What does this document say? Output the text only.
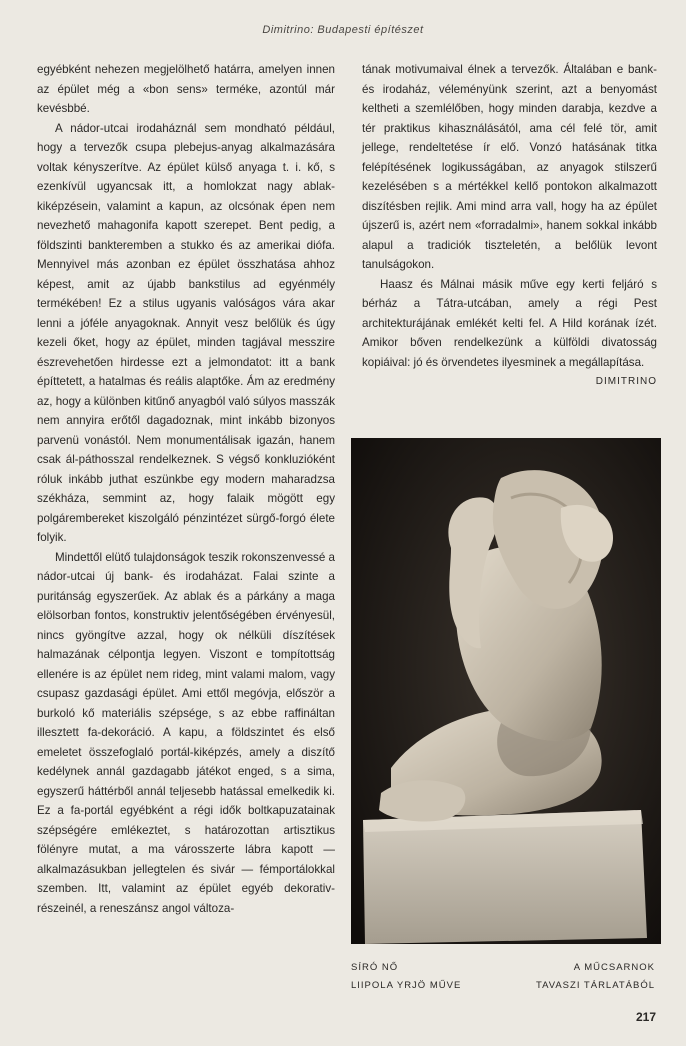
Dimitrino: Budapesti építészet

egyébként nehezen megjelölhető határra, amelyen innen az épület még a «bon sens» terméke, azontúl már kevésbbé.

A nádor-utcai irodaháznál sem mondható például, hogy a tervezők csupa plebejus-anyag alkalmazására voltak kényszerítve. Az épület külső anyaga t. i. kő, s ezenkívül ugyancsak itt, a homlokzat nagy ablak-kiképzésein, valamint a kapun, az olcsónak épen nem nevezhető mahagonifa kapott szerepet. Bent pedig, a földszinti bankteremben a stukko és az amerikai diófa. Mennyivel más azonban ez épület összhatása ahhoz képest, amit az újabb bankstilus ad egyénmély termékében! Ez a stilus ugyanis valóságos vára akar lenni a jóféle anyagoknak. Annyit vesz belőlük és úgy kezeli őket, hogy az épület, minden tagjával messzire észrevehetően hirdesse ezt a jelmondatot: itt a bank építtetett, a hatalmas és reális alaptőke. Ám az eredmény az, hogy a különben kitűnő anyagból való súlyos masszák nem annyira erőtől dagadoznak, mint inkább bizonyos parvenü vonástól. Nem monumentálisak igazán, hanem csak ál-páthosszal rendelkeznek. S végső konkluzióként róluk inkább juthat eszünkbe egy modern maharadzsa székháza, semmint az, hogy falaik mögött egy polgárembereket kiszolgáló pénzintézet sürgő-forgó élete folyik.

Mindettől elütő tulajdonságok teszik rokonszenvessé a nádor-utcai új bank- és irodaházat. Falai szinte a puritánság egyszerűek. Az ablak és a párkány a maga elölsorban fontos, konstruktiv jelentőségében érvényesül, nincs gyöngítve azzal, hogy ok nélküli díszítések halmazának célpontja legyen. Viszont e tompítottság ellenére is az épület nem rideg, mint valami malom, vagy csupasz gazdasági épület. Ami ettől megóvja, először a burkoló kő materiális szépsége, s az ebbe raffináltan illesztett fa-dekoráció. A kapu, a földszintet és első emeletet összefoglaló portál-kiképzés, amely a diszítő kedélynek annál gazdagabb játékot enged, s a sima, egyszerű háttérből annál teljesebb hatással emelkedik ki. Ez a fa-portál egyébként a régi idők boltkapuzatainak szépségére emlékeztet, s határozottan artisztikus fölényre mutat, a ma városszerte lábra kapott — alkalmazásukban jellegtelen és sivár — fémportálokkal szemben. Itt, valamint az épület egyéb dekorativ-részeinél, a reneszánsz angol változa-

tának motivumaival élnek a tervezők. Általában e bank- és irodaház, véleményünk szerint, azt a benyomást keltheti a szemlélőben, hogy minden darabja, kezdve a tér praktikus kihasználásától, ama cél felé tör, amit jellege, rendeltetése ír elő. Vonzó hatásának titka felépítésének logikusságában, az anyagok stilszerű kezelésében s a mértékkel kellő pontokon alkalmazott diszítésben rejlik. Ami mind arra vall, hogy ha az épület újszerű is, azért nem «forradalmi», hanem sokkal inkább alapul a tradiciók tiszteletén, a belőlük levont tanulságokon.

Haasz és Málnai másik műve egy kerti feljáró s bérház a Tátra-utcában, amely a régi Pest architekturájának emlékét kelti fel. A Hild korának ízét. Amikor bőven rendelkezünk a külföldi divatosság kopiáival: jó és örvendetes ilyesminek a megállapítása.

DIMITRINO
SÍRÓ NŐ
LIIPOLA YRJÖ MŰVE
A MŰCSARNOK
TAVASZI TÁRLATÁBÓL
217
